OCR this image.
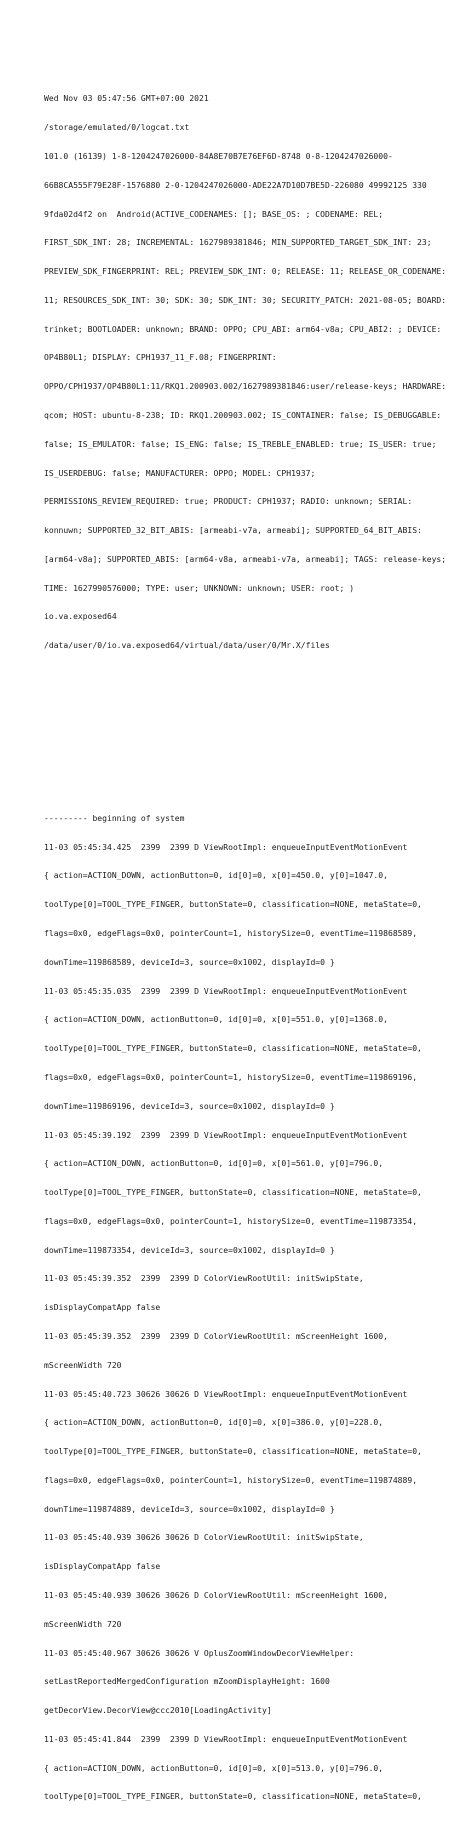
Wed Nov 03 05:47:56 GMT+07:00 2021

/storage/emulated/0/logcat.txt

101.0 (16139) 1-8-1204247026000-84A8E70B7E76EF6D-8748 0-8-1204247026000-

66B8CA555F79E28F-1576880 2-0-1204247026000-ADE22A7D10D7BE5D-226080 49992125 330

9fda02d4f2 on  Android(ACTIVE_CODENAMES: []; BASE_OS: ; CODENAME: REL;

FIRST_SDK_INT: 28; INCREMENTAL: 1627989381846; MIN_SUPPORTED_TARGET_SDK_INT: 23;

PREVIEW_SDK_FINGERPRINT: REL; PREVIEW_SDK_INT: 0; RELEASE: 11; RELEASE_OR_CODENAME:

11; RESOURCES_SDK_INT: 30; SDK: 30; SDK_INT: 30; SECURITY_PATCH: 2021-08-05; BOARD:

trinket; BOOTLOADER: unknown; BRAND: OPPO; CPU_ABI: arm64-v8a; CPU_ABI2: ; DEVICE:

OP4B80L1; DISPLAY: CPH1937_11_F.08; FINGERPRINT:

OPPO/CPH1937/OP4B80L1:11/RKQ1.200903.002/1627989381846:user/release-keys; HARDWARE:

qcom; HOST: ubuntu-8-238; ID: RKQ1.200903.002; IS_CONTAINER: false; IS_DEBUGGABLE:

false; IS_EMULATOR: false; IS_ENG: false; IS_TREBLE_ENABLED: true; IS_USER: true;

IS_USERDEBUG: false; MANUFACTURER: OPPO; MODEL: CPH1937;

PERMISSIONS_REVIEW_REQUIRED: true; PRODUCT: CPH1937; RADIO: unknown; SERIAL:

konnuwn; SUPPORTED_32_BIT_ABIS: [armeabi-v7a, armeabi]; SUPPORTED_64_BIT_ABIS:

[arm64-v8a]; SUPPORTED_ABIS: [arm64-v8a, armeabi-v7a, armeabi]; TAGS: release-keys;

TIME: 1627990576000; TYPE: user; UNKNOWN: unknown; USER: root; )

io.va.exposed64

/data/user/0/io.va.exposed64/virtual/data/user/0/Mr.X/files

--------- beginning of system

11-03 05:45:34.425  2399  2399 D ViewRootImpl: enqueueInputEventMotionEvent

{ action=ACTION_DOWN, actionButton=0, id[0]=0, x[0]=450.0, y[0]=1047.0,

toolType[0]=TOOL_TYPE_FINGER, buttonState=0, classification=NONE, metaState=0,

flags=0x0, edgeFlags=0x0, pointerCount=1, historySize=0, eventTime=119868589,

downTime=119868589, deviceId=3, source=0x1002, displayId=0 }

11-03 05:45:35.035  2399  2399 D ViewRootImpl: enqueueInputEventMotionEvent

{ action=ACTION_DOWN, actionButton=0, id[0]=0, x[0]=551.0, y[0]=1368.0,

toolType[0]=TOOL_TYPE_FINGER, buttonState=0, classification=NONE, metaState=0,

flags=0x0, edgeFlags=0x0, pointerCount=1, historySize=0, eventTime=119869196,

downTime=119869196, deviceId=3, source=0x1002, displayId=0 }

11-03 05:45:39.192  2399  2399 D ViewRootImpl: enqueueInputEventMotionEvent

{ action=ACTION_DOWN, actionButton=0, id[0]=0, x[0]=561.0, y[0]=796.0,

toolType[0]=TOOL_TYPE_FINGER, buttonState=0, classification=NONE, metaState=0,

flags=0x0, edgeFlags=0x0, pointerCount=1, historySize=0, eventTime=119873354,

downTime=119873354, deviceId=3, source=0x1002, displayId=0 }

11-03 05:45:39.352  2399  2399 D ColorViewRootUtil: initSwipState,

isDisplayCompatApp false

11-03 05:45:39.352  2399  2399 D ColorViewRootUtil: mScreenHeight 1600,

mScreenWidth 720

11-03 05:45:40.723 30626 30626 D ViewRootImpl: enqueueInputEventMotionEvent

{ action=ACTION_DOWN, actionButton=0, id[0]=0, x[0]=386.0, y[0]=228.0,

toolType[0]=TOOL_TYPE_FINGER, buttonState=0, classification=NONE, metaState=0,

flags=0x0, edgeFlags=0x0, pointerCount=1, historySize=0, eventTime=119874889,

downTime=119874889, deviceId=3, source=0x1002, displayId=0 }

11-03 05:45:40.939 30626 30626 D ColorViewRootUtil: initSwipState,

isDisplayCompatApp false

11-03 05:45:40.939 30626 30626 D ColorViewRootUtil: mScreenHeight 1600,

mScreenWidth 720

11-03 05:45:40.967 30626 30626 V OplusZoomWindowDecorViewHelper:

setLastReportedMergedConfiguration mZoomDisplayHeight: 1600

getDecorView.DecorView@ccc2010[LoadingActivity]

11-03 05:45:41.844  2399  2399 D ViewRootImpl: enqueueInputEventMotionEvent

{ action=ACTION_DOWN, actionButton=0, id[0]=0, x[0]=513.0, y[0]=796.0,

toolType[0]=TOOL_TYPE_FINGER, buttonState=0, classification=NONE, metaState=0,
